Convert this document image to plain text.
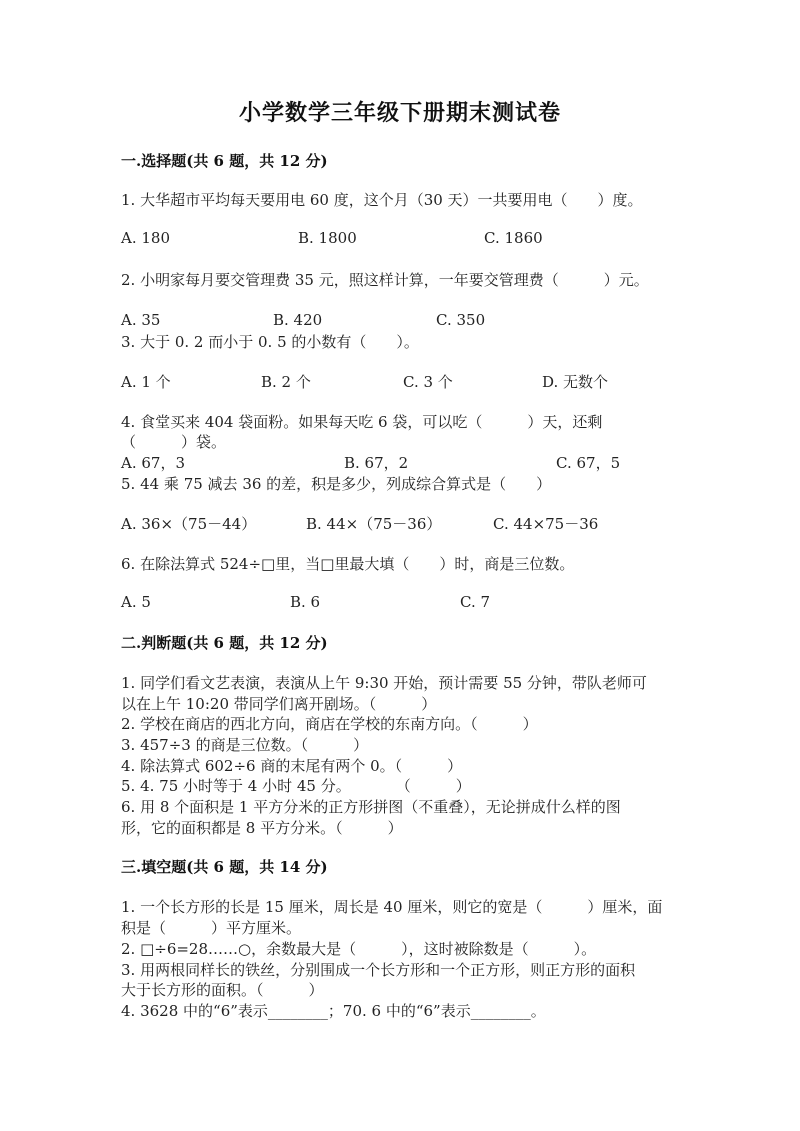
小学数学三年级下册期末测试卷
一.选择题(共 6 题，共 12 分)
1. 大华超市平均每天要用电 60 度，这个月（30 天）一共要用电（　　）度。
A. 180	B. 1800	C. 1860
2. 小明家每月要交管理费 35 元，照这样计算，一年要交管理费（　　　）元。
A. 35	B. 420	C. 350
3. 大于 0. 2 而小于 0. 5 的小数有（　　）。
A. 1 个	B. 2 个	C. 3 个	D. 无数个
4. 食堂买来 404 袋面粉。如果每天吃 6 袋，可以吃（　　　）天，还剩
（　　　）袋。
A. 67，3	B. 67，2	C. 67，5
5. 44 乘 75 减去 36 的差，积是多少，列成综合算式是（　　）
A. 36×（75－44）	B. 44×（75－36）	C. 44×75－36
6. 在除法算式 524÷□里，当□里最大填（　　）时，商是三位数。
A. 5	B. 6	C. 7
二.判断题(共 6 题，共 12 分)
1. 同学们看文艺表演，表演从上午 9:30 开始，预计需要 55 分钟，带队老师可
以在上午 10:20 带同学们离开剧场。（　　　）
2. 学校在商店的西北方向，商店在学校的东南方向。（　　　）
3. 457÷3 的商是三位数。（　　　）
4. 除法算式 602÷6 商的末尾有两个 0。（　　　）
5. 4. 75 小时等于 4 小时 45 分。　　　　（　　　）
6. 用 8 个面积是 1 平方分米的正方形拼图（不重叠），无论拼成什么样的图
形，它的面积都是 8 平方分米。（　　　）
三.填空题(共 6 题，共 14 分)
1. 一个长方形的长是 15 厘米，周长是 40 厘米，则它的宽是（　　　）厘米，面
积是（　　　）平方厘米。
2. □÷6=28……○，余数最大是（　　　），这时被除数是（　　　）。
3. 用两根同样长的铁丝，分别围成一个长方形和一个正方形，则正方形的面积
大于长方形的面积。（　　　）
4. 3628 中的“6”表示________；70. 6 中的“6”表示________。
